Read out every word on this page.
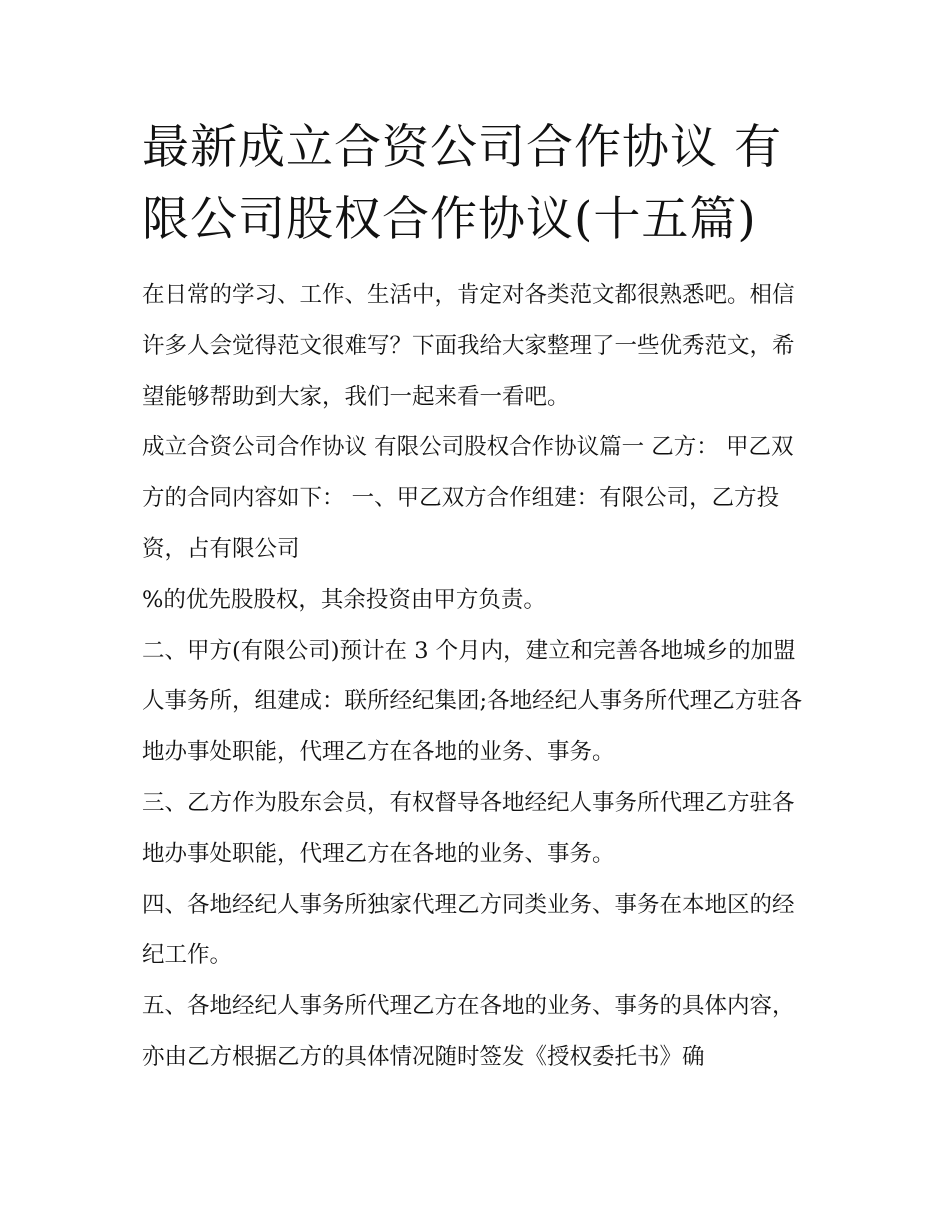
最新成立合资公司合作协议 有限公司股权合作协议(十五篇)

在日常的学习、工作、生活中，肯定对各类范文都很熟悉吧。相信许多人会觉得范文很难写？下面我给大家整理了一些优秀范文，希望能够帮助到大家，我们一起来看一看吧。

成立合资公司合作协议 有限公司股权合作协议篇一 乙方： 甲乙双方的合同内容如下： 一、甲乙双方合作组建：有限公司，乙方投资，占有限公司

%的优先股股权，其余投资由甲方负责。

二、甲方(有限公司)预计在 3 个月内，建立和完善各地城乡的加盟人事务所，组建成：联所经纪集团;各地经纪人事务所代理乙方驻各地办事处职能，代理乙方在各地的业务、事务。

三、乙方作为股东会员，有权督导各地经纪人事务所代理乙方驻各地办事处职能，代理乙方在各地的业务、事务。

四、各地经纪人事务所独家代理乙方同类业务、事务在本地区的经纪工作。

五、各地经纪人事务所代理乙方在各地的业务、事务的具体内容，亦由乙方根据乙方的具体情况随时签发《授权委托书》确
